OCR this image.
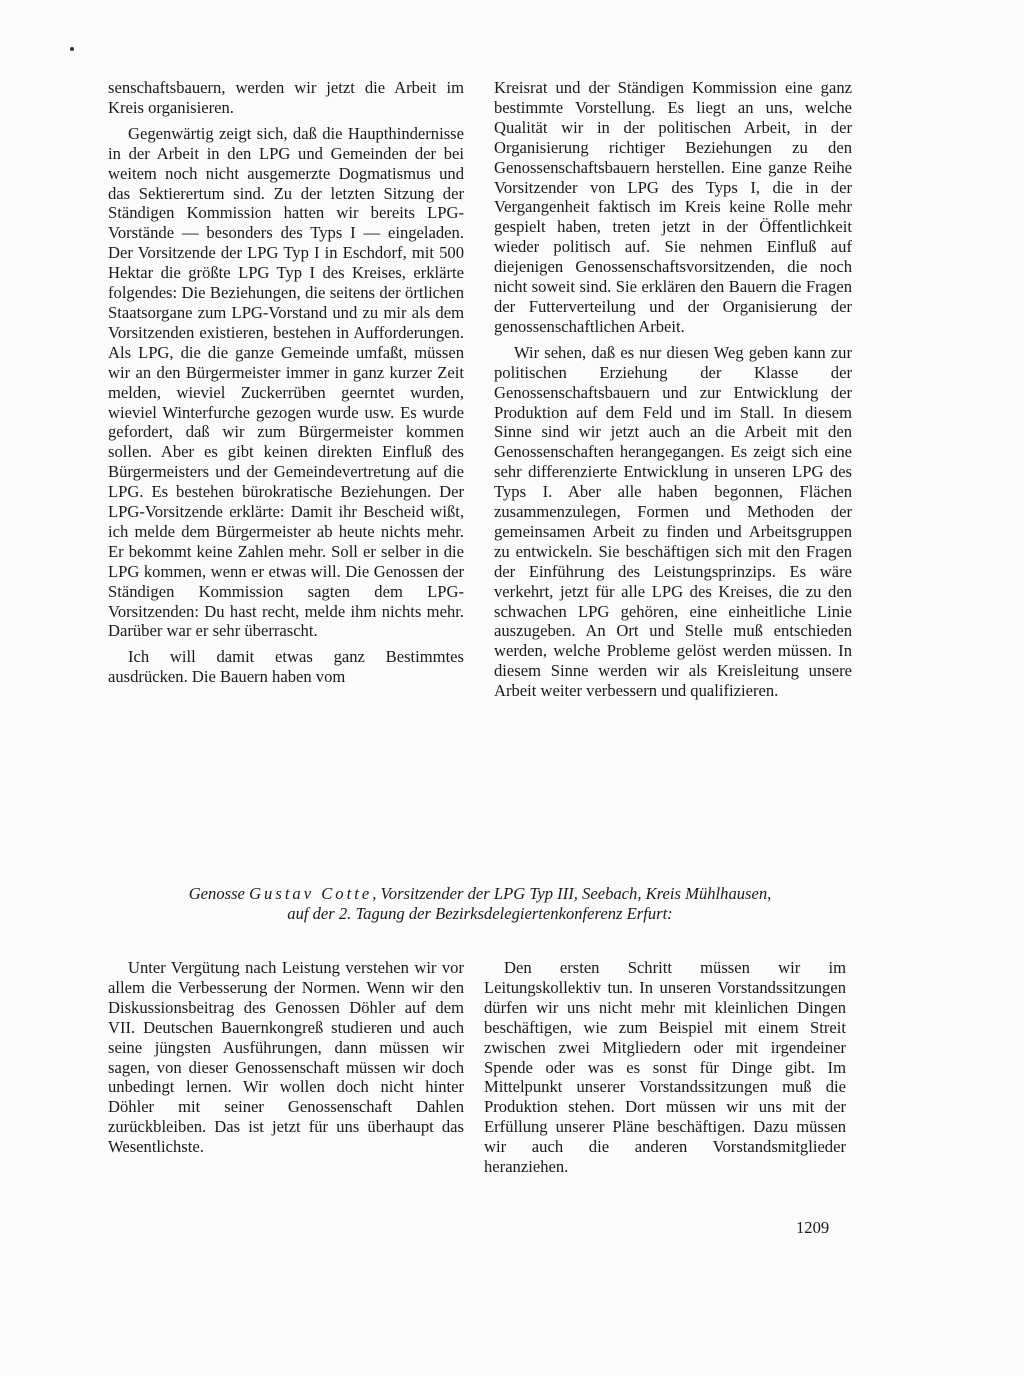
senschaftsbauern, werden wir jetzt die Arbeit im Kreis organisieren.

Gegenwärtig zeigt sich, daß die Haupthindernisse in der Arbeit in den LPG und Gemeinden der bei weitem noch nicht ausgemerzte Dogmatismus und das Sektierertum sind. Zu der letzten Sitzung der Ständigen Kommission hatten wir bereits LPG-Vorstände — besonders des Typs I — eingeladen. Der Vorsitzende der LPG Typ I in Eschdorf, mit 500 Hektar die größte LPG Typ I des Kreises, erklärte folgendes: Die Beziehungen, die seitens der örtlichen Staatsorgane zum LPG-Vorstand und zu mir als dem Vorsitzenden existieren, bestehen in Aufforderungen. Als LPG, die die ganze Gemeinde umfaßt, müssen wir an den Bürgermeister immer in ganz kurzer Zeit melden, wieviel Zuckerrüben geerntet wurden, wieviel Winterfurche gezogen wurde usw. Es wurde gefordert, daß wir zum Bürgermeister kommen sollen. Aber es gibt keinen direkten Einfluß des Bürgermeisters und der Gemeindevertretung auf die LPG. Es bestehen bürokratische Beziehungen. Der LPG-Vorsitzende erklärte: Damit ihr Bescheid wißt, ich melde dem Bürgermeister ab heute nichts mehr. Er bekommt keine Zahlen mehr. Soll er selber in die LPG kommen, wenn er etwas will. Die Genossen der Ständigen Kommission sagten dem LPG-Vorsitzenden: Du hast recht, melde ihm nichts mehr. Darüber war er sehr überrascht.

Ich will damit etwas ganz Bestimmtes ausdrücken. Die Bauern haben vom

Kreisrat und der Ständigen Kommission eine ganz bestimmte Vorstellung. Es liegt an uns, welche Qualität wir in der politischen Arbeit, in der Organisierung richtiger Beziehungen zu den Genossenschaftsbauern herstellen. Eine ganze Reihe Vorsitzender von LPG des Typs I, die in der Vergangenheit faktisch im Kreis keine Rolle mehr gespielt haben, treten jetzt in der Öffentlichkeit wieder politisch auf. Sie nehmen Einfluß auf diejenigen Genossenschaftsvorsitzenden, die noch nicht soweit sind. Sie erklären den Bauern die Fragen der Futterverteilung und der Organisierung der genossenschaftlichen Arbeit.

Wir sehen, daß es nur diesen Weg geben kann zur politischen Erziehung der Klasse der Genossenschaftsbauern und zur Entwicklung der Produktion auf dem Feld und im Stall. In diesem Sinne sind wir jetzt auch an die Arbeit mit den Genossenschaften herangegangen. Es zeigt sich eine sehr differenzierte Entwicklung in unseren LPG des Typs I. Aber alle haben begonnen, Flächen zusammenzulegen, Formen und Methoden der gemeinsamen Arbeit zu finden und Arbeitsgruppen zu entwickeln. Sie beschäftigen sich mit den Fragen der Einführung des Leistungsprinzips. Es wäre verkehrt, jetzt für alle LPG des Kreises, die zu den schwachen LPG gehören, eine einheitliche Linie auszugeben. An Ort und Stelle muß entschieden werden, welche Probleme gelöst werden müssen. In diesem Sinne werden wir als Kreisleitung unsere Arbeit weiter verbessern und qualifizieren.

Genosse Gustav Cotte, Vorsitzender der LPG Typ III, Seebach, Kreis Mühlhausen,
auf der 2. Tagung der Bezirksdelegiertenkonferenz Erfurt:

Unter Vergütung nach Leistung verstehen wir vor allem die Verbesserung der Normen. Wenn wir den Diskussionsbeitrag des Genossen Döhler auf dem VII. Deutschen Bauernkongreß studieren und auch seine jüngsten Ausführungen, dann müssen wir sagen, von dieser Genossenschaft müssen wir doch unbedingt lernen. Wir wollen doch nicht hinter Döhler mit seiner Genossenschaft Dahlen zurückbleiben. Das ist jetzt für uns überhaupt das Wesentlichste.

Den ersten Schritt müssen wir im Leitungskollektiv tun. In unseren Vorstandssitzungen dürfen wir uns nicht mehr mit kleinlichen Dingen beschäftigen, wie zum Beispiel mit einem Streit zwischen zwei Mitgliedern oder mit irgendeiner Spende oder was es sonst für Dinge gibt. Im Mittelpunkt unserer Vorstandssitzungen muß die Produktion stehen. Dort müssen wir uns mit der Erfüllung unserer Pläne beschäftigen. Dazu müssen wir auch die anderen Vorstandsmitglieder heranziehen.

1209
